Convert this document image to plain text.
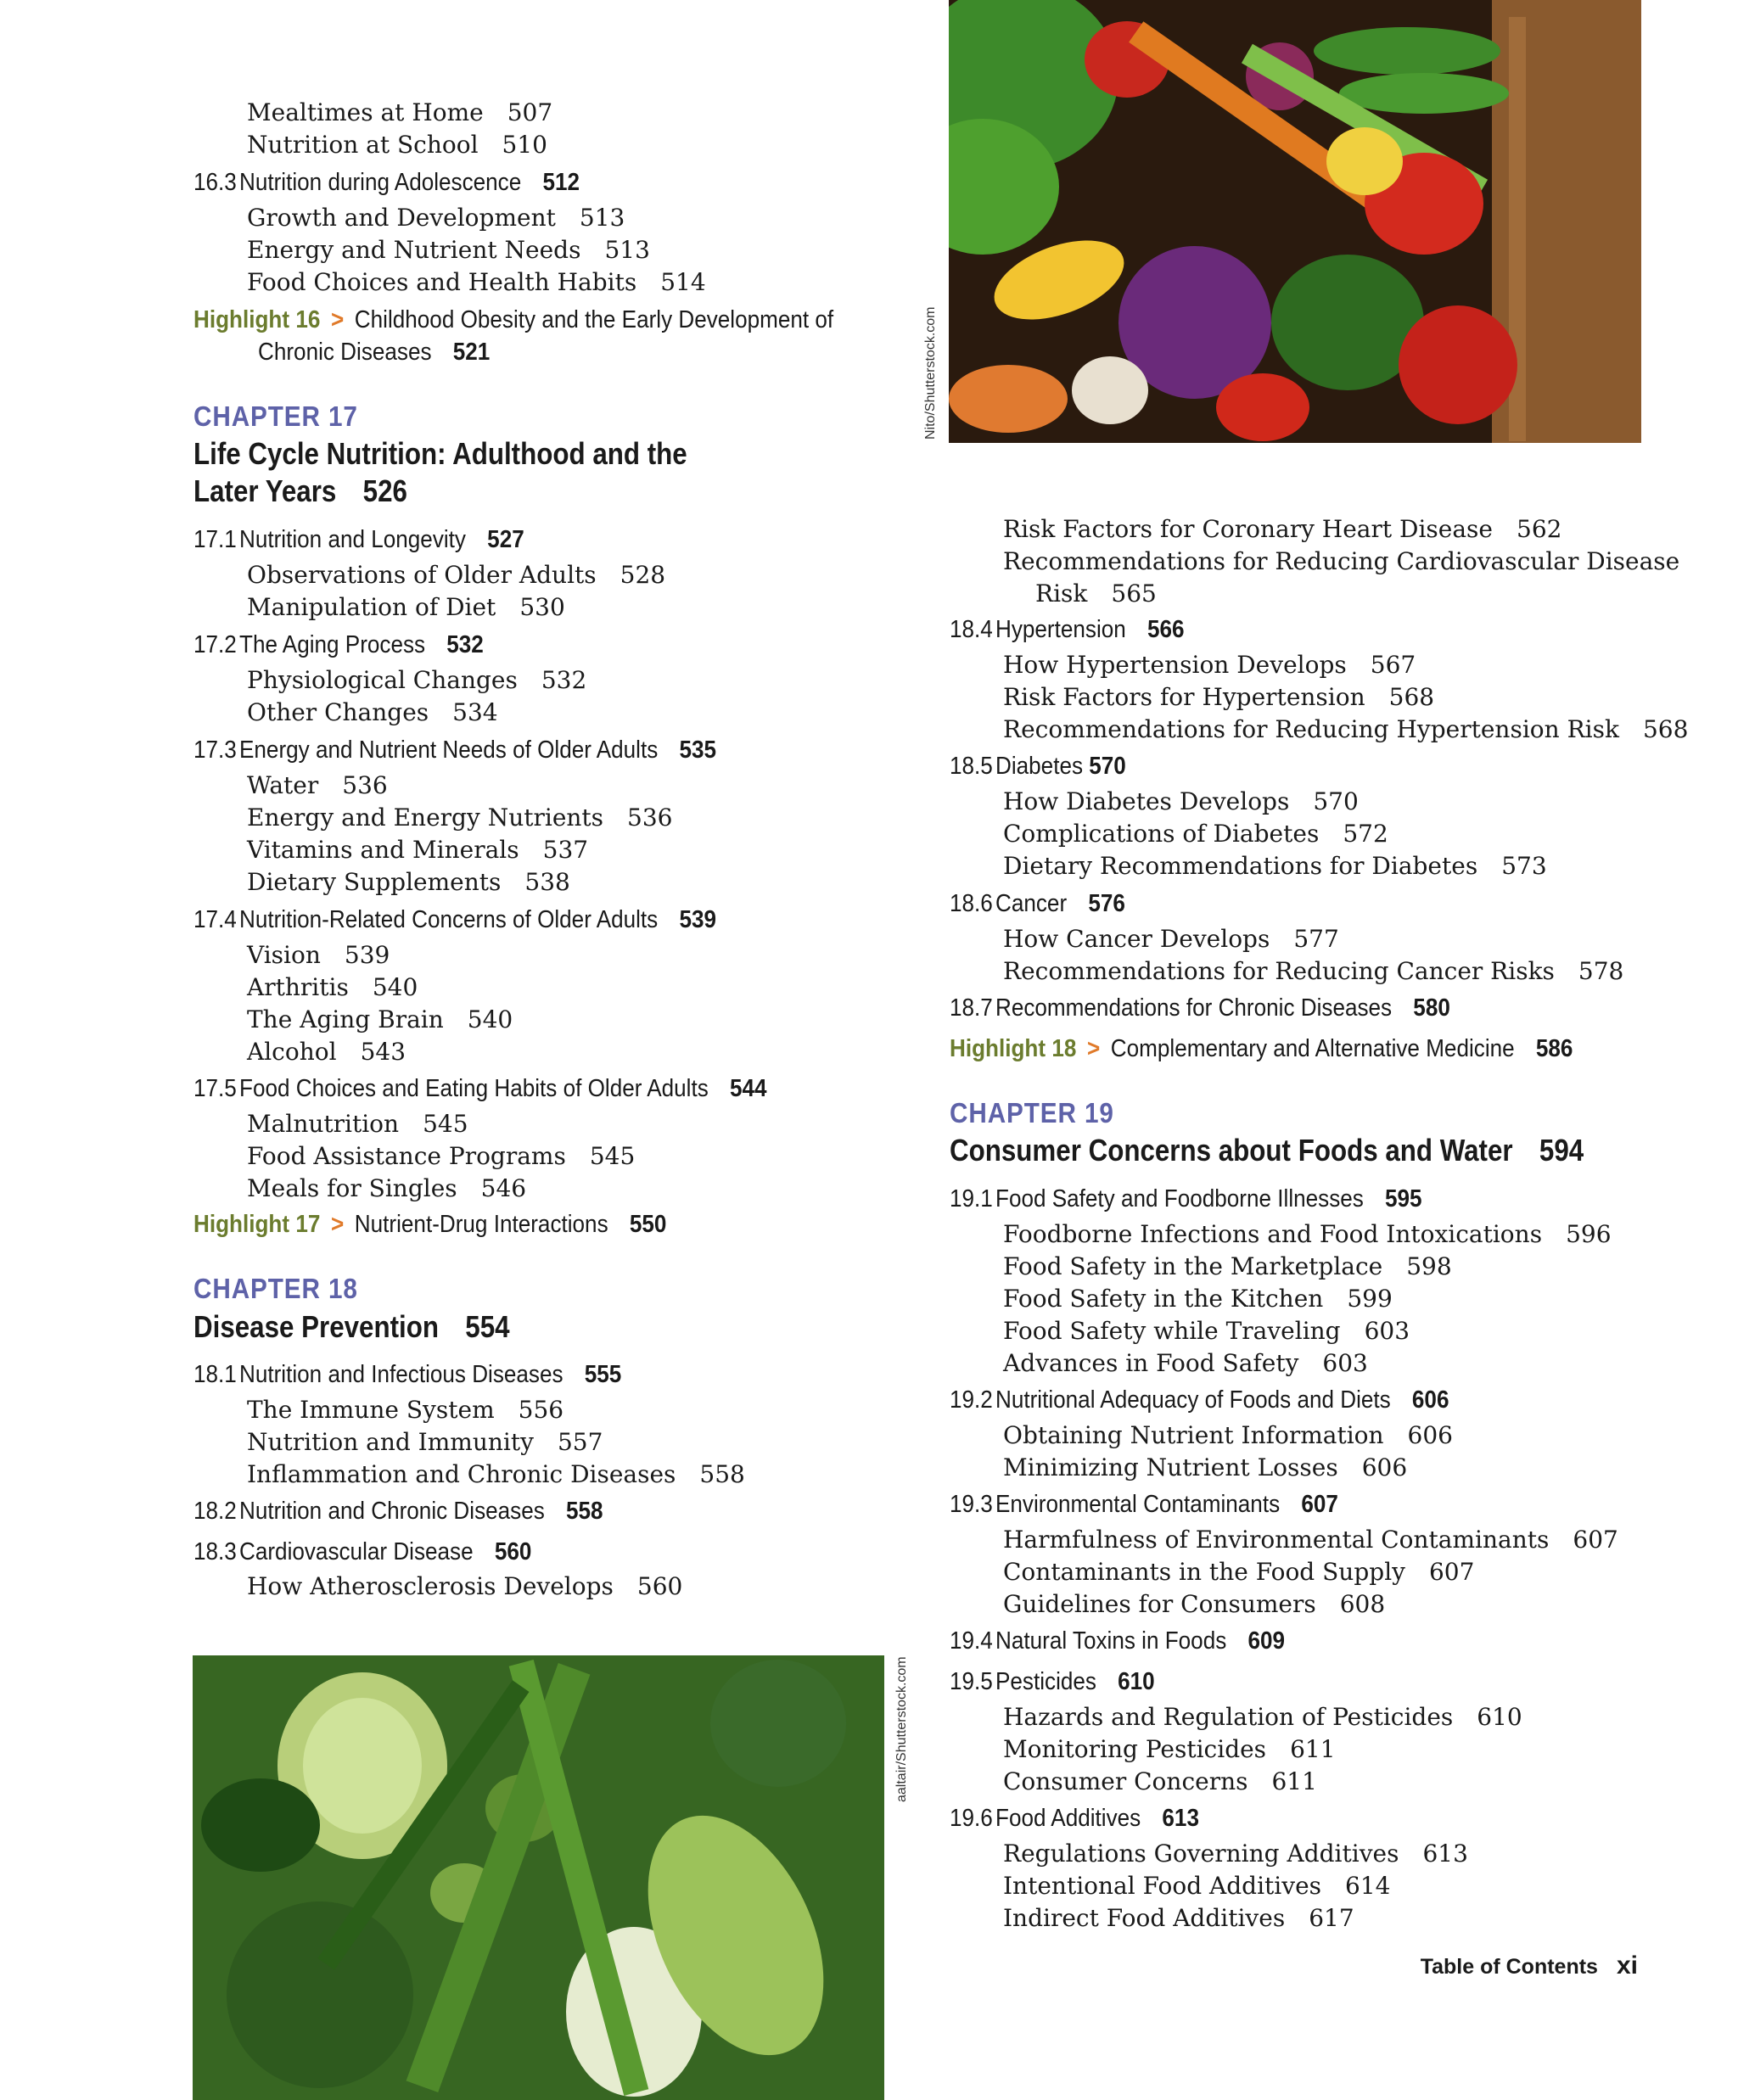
Nito/Shutterstock.com
aaltair/Shutterstock.com
Mealtimes at Home 507
Nutrition at School 510
16.3 Nutrition during Adolescence 512
Growth and Development 513
Energy and Nutrient Needs 513
Food Choices and Health Habits 514
Highlight 16 > Childhood Obesity and the Early Development of
Chronic Diseases 521
CHAPTER 17
Life Cycle Nutrition: Adulthood and the
Later Years 526
17.1 Nutrition and Longevity 527
Observations of Older Adults 528
Manipulation of Diet 530
17.2 The Aging Process 532
Physiological Changes 532
Other Changes 534
17.3 Energy and Nutrient Needs of Older Adults 535
Water 536
Energy and Energy Nutrients 536
Vitamins and Minerals 537
Dietary Supplements 538
17.4 Nutrition-Related Concerns of Older Adults 539
Vision 539
Arthritis 540
The Aging Brain 540
Alcohol 543
17.5 Food Choices and Eating Habits of Older Adults 544
Malnutrition 545
Food Assistance Programs 545
Meals for Singles 546
Highlight 17 > Nutrient-Drug Interactions 550
CHAPTER 18
Disease Prevention 554
18.1 Nutrition and Infectious Diseases 555
The Immune System 556
Nutrition and Immunity 557
Inflammation and Chronic Diseases 558
18.2 Nutrition and Chronic Diseases 558
18.3 Cardiovascular Disease 560
How Atherosclerosis Develops 560
Risk Factors for Coronary Heart Disease 562
Recommendations for Reducing Cardiovascular Disease
Risk 565
18.4 Hypertension 566
How Hypertension Develops 567
Risk Factors for Hypertension 568
Recommendations for Reducing Hypertension Risk 568
18.5 Diabetes 570
How Diabetes Develops 570
Complications of Diabetes 572
Dietary Recommendations for Diabetes 573
18.6 Cancer 576
How Cancer Develops 577
Recommendations for Reducing Cancer Risks 578
18.7 Recommendations for Chronic Diseases 580
Highlight 18 > Complementary and Alternative Medicine 586
CHAPTER 19
Consumer Concerns about Foods and Water 594
19.1 Food Safety and Foodborne Illnesses 595
Foodborne Infections and Food Intoxications 596
Food Safety in the Marketplace 598
Food Safety in the Kitchen 599
Food Safety while Traveling 603
Advances in Food Safety 603
19.2 Nutritional Adequacy of Foods and Diets 606
Obtaining Nutrient Information 606
Minimizing Nutrient Losses 606
19.3 Environmental Contaminants 607
Harmfulness of Environmental Contaminants 607
Contaminants in the Food Supply 607
Guidelines for Consumers 608
19.4 Natural Toxins in Foods 609
19.5 Pesticides 610
Hazards and Regulation of Pesticides 610
Monitoring Pesticides 611
Consumer Concerns 611
19.6 Food Additives 613
Regulations Governing Additives 613
Intentional Food Additives 614
Indirect Food Additives 617
Table of Contents xi
